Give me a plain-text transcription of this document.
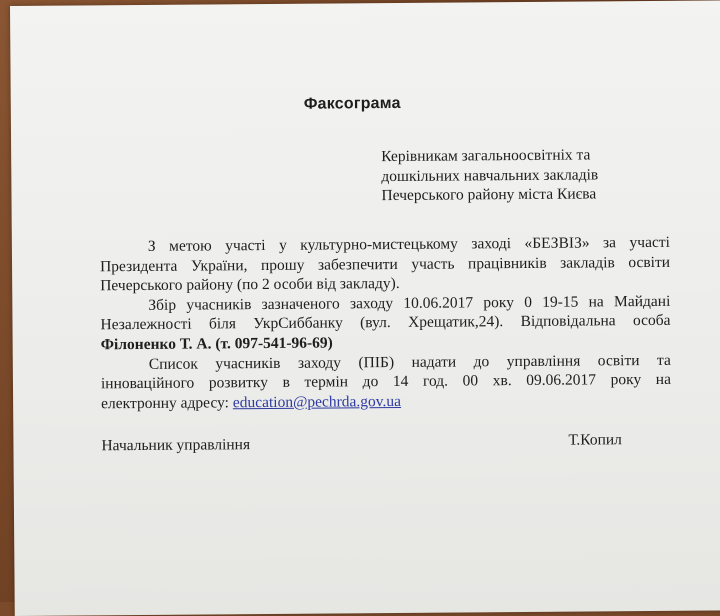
Факсограма
Керівникам загальноосвітніх та
дошкільних навчальних закладів
Печерського району міста Києва
З метою участі у культурно-мистецькому заході «БЕЗВІЗ» за участі
Президента України, прошу забезпечити участь працівників закладів освіти
Печерського району (по 2 особи від закладу).
Збір учасників зазначеного заходу 10.06.2017 року 0 19-15 на Майдані
Незалежності біля УкрСиббанку (вул. Хрещатик,24). Відповідальна особа
Філоненко Т. А. (т. 097-541-96-69)
Список учасників заходу (ПІБ) надати до управління освіти та
інноваційного розвитку в термін до 14 год. 00 хв. 09.06.2017 року на
електронну адресу: education@pechrda.gov.ua
Начальник управління	Т.Копил
